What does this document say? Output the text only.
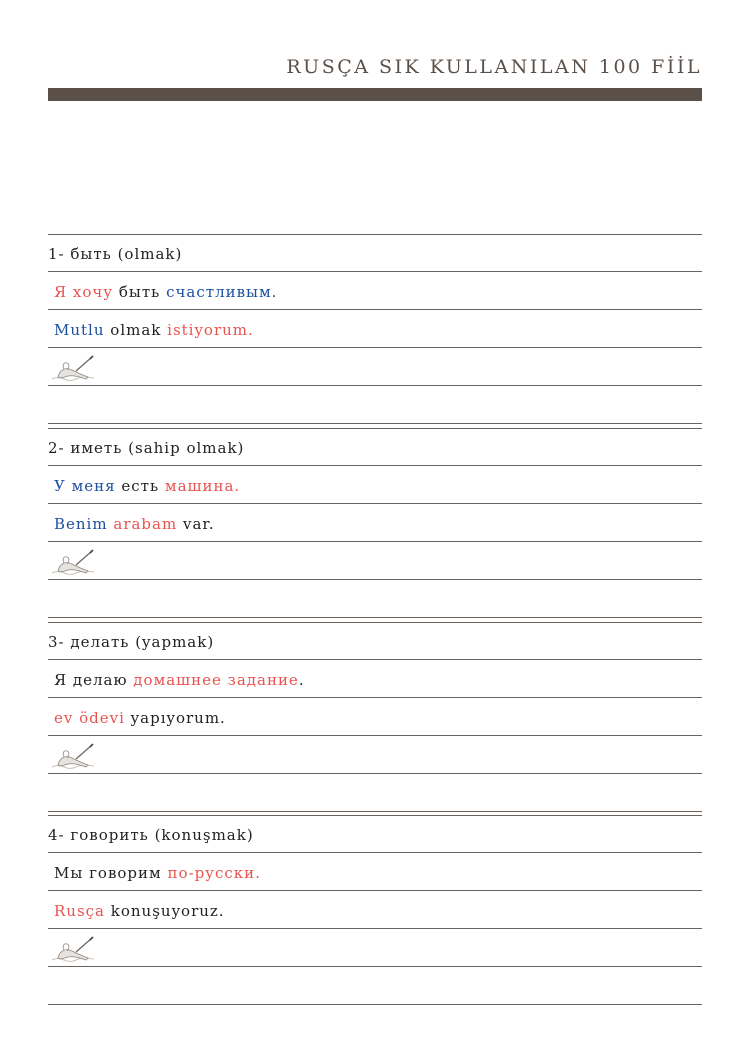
RUSÇA SIK KULLANILAN 100 FİİL
1- быть (olmak)
Я хочу быть счастливым.
Mutlu olmak istiyorum.
2- иметь (sahip olmak)
У меня есть машина.
Benim arabam var.
3- делать (yapmak)
Я делаю домашнее задание.
ev ödevi yapıyorum.
4- говорить (konuşmak)
Мы говорим по-русски.
Rusça konuşuyoruz.
